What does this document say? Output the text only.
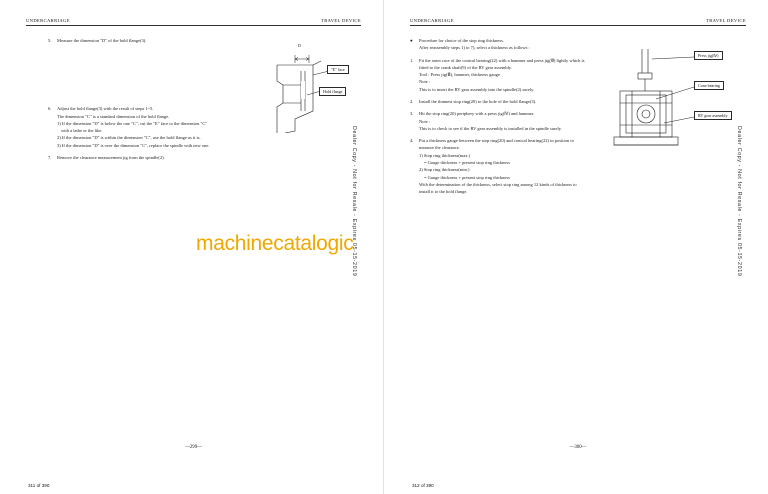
UNDERCARRIAGE	TRAVEL DEVICE
5.	Measure the dimension "D" of the hold flange(3).
6.	Adjust the hold flange(3) with the result of steps 1~5.
The dimension "C" is a standard dimension of the hold flange.
1) If the dimension "D" is below the one "C", cut the "E" face to the dimension "C" with a lathe or the like.
2) If the dimension "D" is within the dimension "C", use the hold flange as it is.
3) If the dimension "D" is over the dimension "C", replace the spindle with new one.
7.	Remove the clearance measurement jig from the spindle(2).
D
"E" face
Hold flange
Dealer Copy - Not for Resale - Expires 05-15-2019
—299—
311 of 390
UNDERCARRIAGE	TRAVEL DEVICE
●	Procedure for choice of the stop ring thickness.
After reassembly steps 1) to 7), select a thickness as follows :
1.	Fit the outer race of the conical bearing(22) with a hammer and press jig(Ⅲ) lightly which is fitted to the crank shaft(9) of the RV gear assembly.
Tool : Press jig(Ⅲ), hammer, thickness gauge
Note :
This is to insert the RV gear assembly into the spindle(2) surely.
2.	Install the thinnest stop ring(20) to the hole of the hold flange(3).
3.	Hit the stop ring(20) periphery with a press jig(Ⅳ) and hammer.
Note :
This is to check to see if the RV gear assembly is installed in the spindle surely.
4.	Put a thickness gauge between the stop ring(20) and conical bearing(22) in position to measure the clearance.
1) Stop ring thickness(max.)
= Gauge thickness + present stop ring thickness
2) Stop ring thickness(min.)
= Gauge thickness + present stop ring thickness
With the determination of the thickness, select stop ring among 12 kinds of thickness to install it to the hold flange.
Press jig(Ⅳ)
Cone bearing
RV gear assembly
Dealer Copy - Not for Resale - Expires 05-15-2019
—300—
312 of 390
machinecatalogic
